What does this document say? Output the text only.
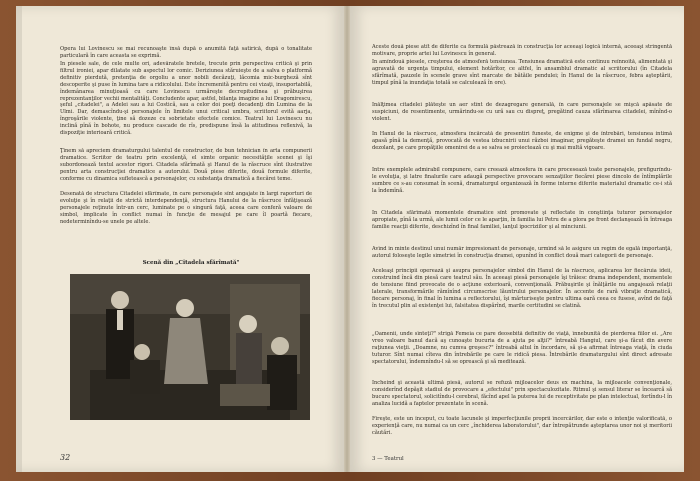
Opera lui Lovinescu se mai recunoaşte însă după o anumită faţă satirică, după o tonalitate particulară în care aceasta se exprimă.
În piesele sale, de cele multe ori, adevăratele bretele, trecute prin perspectiva critică şi prin filtrul ironiei, apar dilatate sub aspectul lor comic. Deriziunea stăruieşte de a salva o platformă definitiv pierdută, pretenţia de orgoliu a unor nobili decăzuţi, lăcomia mic-burgheză sînt descoperite şi puse în lumina tare a ridicolului. Este încremenită pentru cei vizaţi, insuportabilă, îndemânarea minuţioasă cu care Lovinescu urmăreşte decrepitudinea şi prăbuşirea reprezentanţilor vechii mentalităţi. Concludente apar, astfel, bilanţa imagine a lui Dragomirescu, şeful „citadelei", a Adelei sau a lui Costică, sau a celor doi poeţi decadenţi din Lumina de la Ulmi. Dar, demascîndu-şi personajele în limitele unui critical umbra, scriitorul evită aarja, îngroşările violente, ţine să dozeze cu sobrietate efectele comice. Teatrul lui Lovinescu nu inclină pînă în bohote, nu produce cascade de rîs, predispune însă la atitudinea reflexivă, la dispoziţie interioară critică.
Ţinem să apreciem dramaturgului talentul de constructor, de bun tehnician în arta compunerii dramatice. Scriitor de teatru prin excelenţă, el simte organic necesităţile scenei şi îşi subordonează textul acestor rigori. Citadela sfărîmată şi Hanul de la răscruce sînt ilustrative pentru arta construcţiei dramatice a autorului. Două piese diferite, două formule diferite, conforme cu dinamica sufletească a personajelor, cu substanţa dramatică a fiecărei teme.
Desenată de structura Citadelei sfărîmate, în care personajele sînt angajate în largi raporturi de evoluţie şi în relaţii de strictă interdependenţă, structura Hanului de la răscruce înfăţişează personajele reţinute într-un cerc, luminate pe o singură faţă, aceea care conferă valoare de simbol, implicate în conflict numai în funcţie de mesajul pe care îl poartă fiecare, nedeterminîndu-se unele pe altele.
Scenă din „Citadela sfărîmată"
32
Aceste două piese atît de diferite ca formulă păstrează în construcţia lor aceeaşi logică internă, aceeaşi stringentă motivare, proprie artei lui Lovinescu în general.
În amîndouă piesele, creşterea de atmosferă tensiunea. Tensiunea dramatică este continuu reînnoită, alimentată şi agravată de urgenţa timpului, element hotărîtor, ce altfel, în ansamblul dramatic al scriitorului (în Citadela sfărîmată, pauzele în scenele grave sînt marcate de bătăile pendulei; în Hanul de la răscruce, febra aşteptării, timpul pînă la inundaţia totală se calculează în ore).
Înălţimea citadelei plăteşte un aer stînt de dezagregare generală, în care personajele se mişcă apăsate de suspiciuni, de resentimente, urmărindu-se cu ură sau cu dispreţ, pregătind cauza sfărîmarea citadelei, mînînd-o violent.
În Hanul de la răscruce, atmosfera încărcată de presentiri funeste, de enigme şi de întrebări, tensiunea intimă apasă pînă la demenţă, provocată de vestea izbucnirii unui război imaginar, pregăteşte dramei un fundal negru, dezolant, pe care propăţiile omenirei de a se salva se proiectează cu şi mai multă vigoare.
Între exemplele admirabil compunere, care creează atmosfera în care procesează toate personajele, prefigurîndu-le evoluţia, şi latre finalurile care adaugă perspective provocare senzaţiilor fiecărei piese dincolo de întîmplările sumbre ce s-au consumat în scenă, dramaturgul organizează în forme interne diferite materialul dramatic ce-i stă la îndemînă.
În Citadela sfărîmată momentele dramatice sînt promovate şi reflectate în conştiinţa tuturor personajelor apropiate, pînă la urmă, ale lumii celor ce le aparţin, în familia lui Petru de a plora pe front declanşează în întreaga familie reacţii diferite, deschizînd în final familiei, lanţul ipocriziilor şi al minciunii.
Avînd în minte destinul unui număr impresionant de personaje, urmînd să le asigure un regim de egală importanţă, autorul foloseşte legile simetriei în construcţia dramei, opunînd în conflict două mari categorii de personaje.
Aceleaşi principii operează şi asupra personajelor simbol din Hanul de la răscruce, aplicarea lor fiecăruia ideii, construind încă din piesă care teatrul său. În aceeaşi piesă personajele îşi trăiesc drama independent, momentele de tensiune fiind provocate de o acţiune exterioară, convenţională. Prăbuşirile şi înălţările nu angajează relaţii laterale, transformările rămînînd circumscrise lăuntrului personajelor. În accente de rară vibraţie dramatică, fiecare personaj, în final în lumina a reflectorului, îşi mărturiseşte pentru ultima oară ceea ce fusese, avînd de faţă în trecutul plin al existenţei lui, falsitatea dispărînd, marile certitudini se clatină.
„Oamenii, unde sînteţi?" strigă Femeia ce pare deosebită definitiv de viaţă, înnebunită de pierderea fiilor ei. „Are vreo valoare banul dacă aş cunoaşte bucuria de a ajuta pe alţii?" întreabă Hangiul, care şi-a făcut din avere raţiunea vieţii. „Doamne, nu cumva greşesc?" întreabă altul în încordare, să şi-a afirmat întreaga viaţă, în ciuda tuturor. Sînt numai cîteva din întrebările pe care le ridică piesa. Întrebările dramaturgului sînt direct adresate spectatorului, îndemnîndu-l să se oprească şi să meditează.
Încheind şi această ultimă piesă, autorul se refuză mijloacelor deus ex machina, la mijloacele convenţionale, considerînd depăşit stadiul de provocare a „efectului" prin spectaculozitate. Ritmul şi sensul literar se încearcă să bucure spectatorul, solicitîndu-l cerebral, făcînd apel la puterea lui de receptivitate pe plan intelectual, fortîndu-l în analiza lucidă a faptelor prezentate în scenă.
Fireşte, este un început, cu toate lacunele şi imperfecţiunile proprii încercărilor, dar este o intenţie valorificată, o experienţă care, nu numai ca un cerc „închiderea laboratorului", dar întrepătrunde aşteptarea unor noi şi meritorii căutări.
3 — Teatrul
